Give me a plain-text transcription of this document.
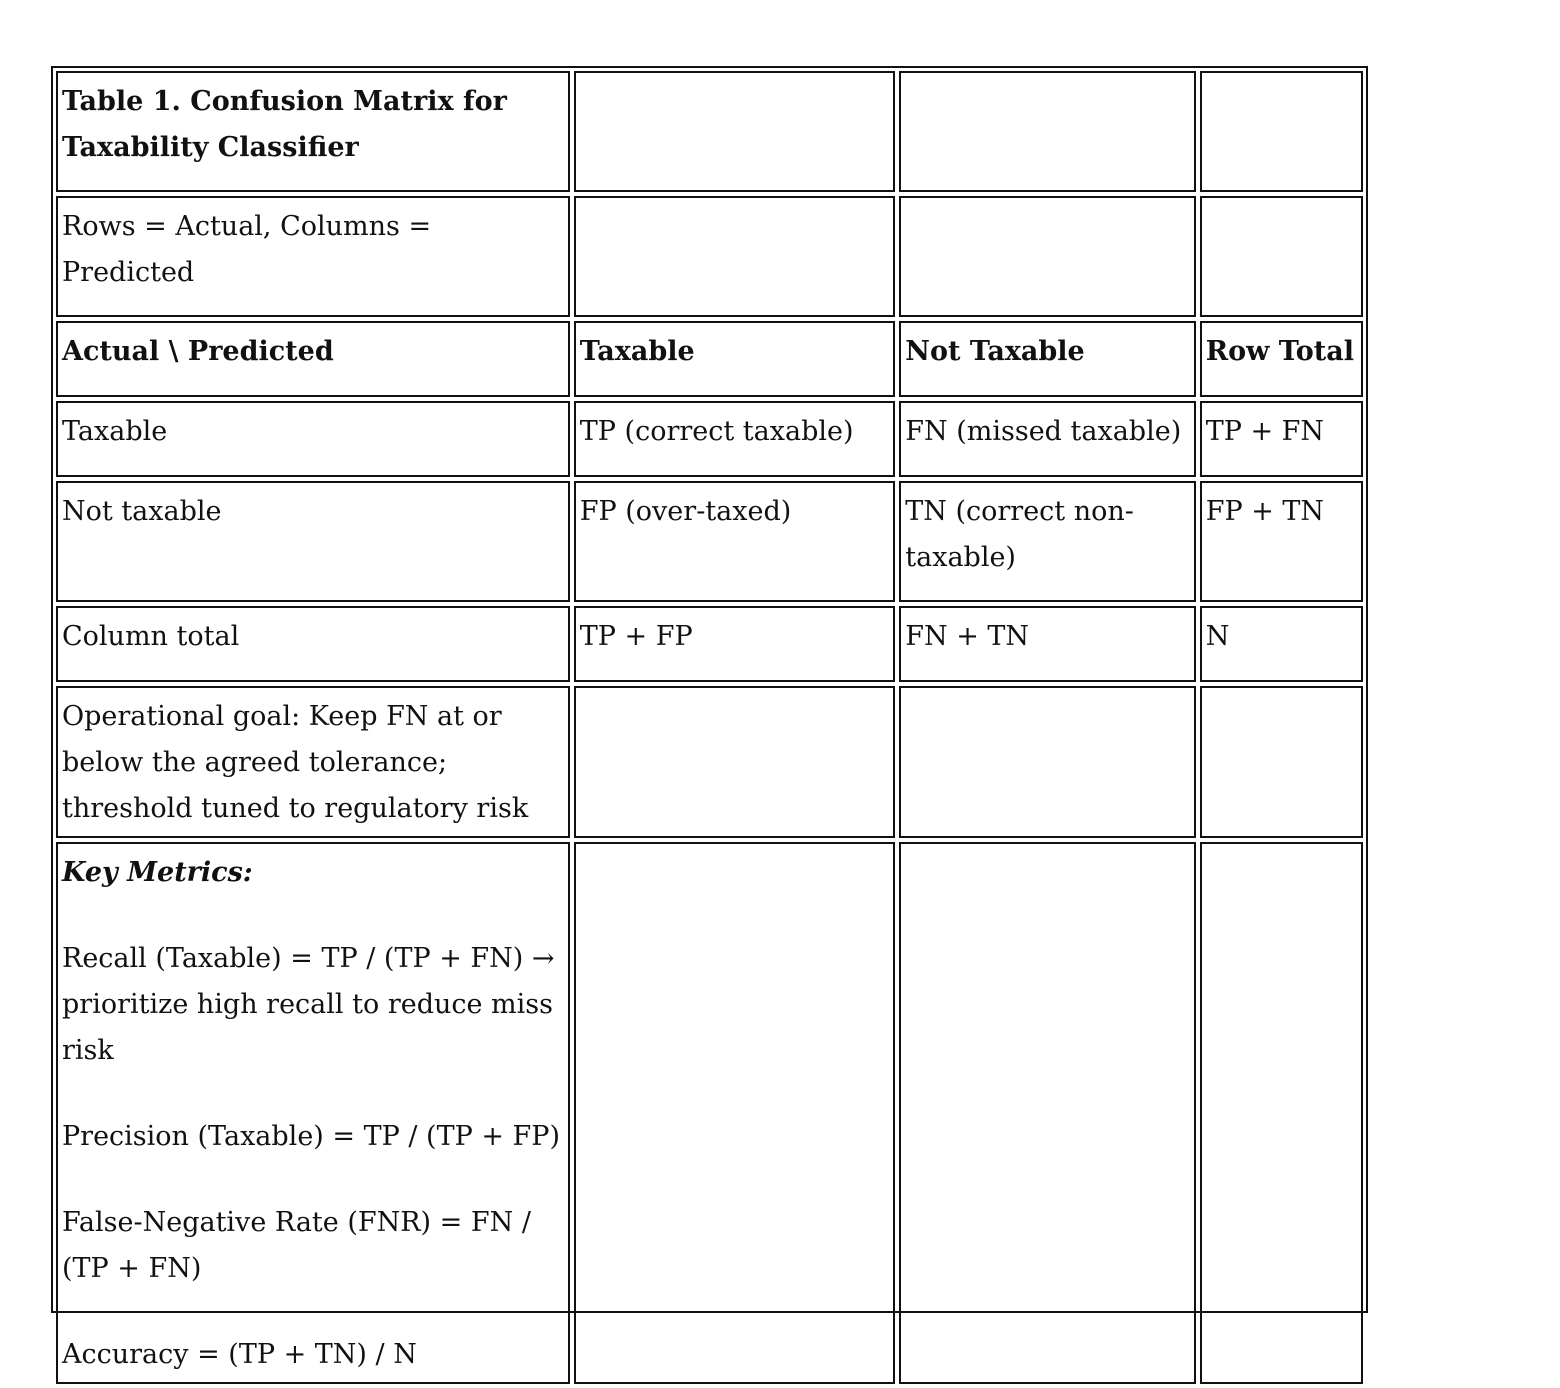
Table 1. Confusion Matrix for Taxability Classifier			
Rows = Actual, Columns = Predicted			
Actual \ Predicted	Taxable	Not Taxable	Row Total
Taxable	TP (correct taxable)	FN (missed taxable)	TP + FN
Not taxable	FP (over-taxed)	TN (correct non-taxable)	FP + TN
Column total	TP + FP	FN + TN	N
Operational goal: Keep FN at or below the agreed tolerance; threshold tuned to regulatory risk			

Key Metrics:
Recall (Taxable) = TP / (TP + FN) → prioritize high recall to reduce miss risk
Precision (Taxable) = TP / (TP + FP)
False-Negative Rate (FNR) = FN / (TP + FN)
Accuracy = (TP + TN) / N			
